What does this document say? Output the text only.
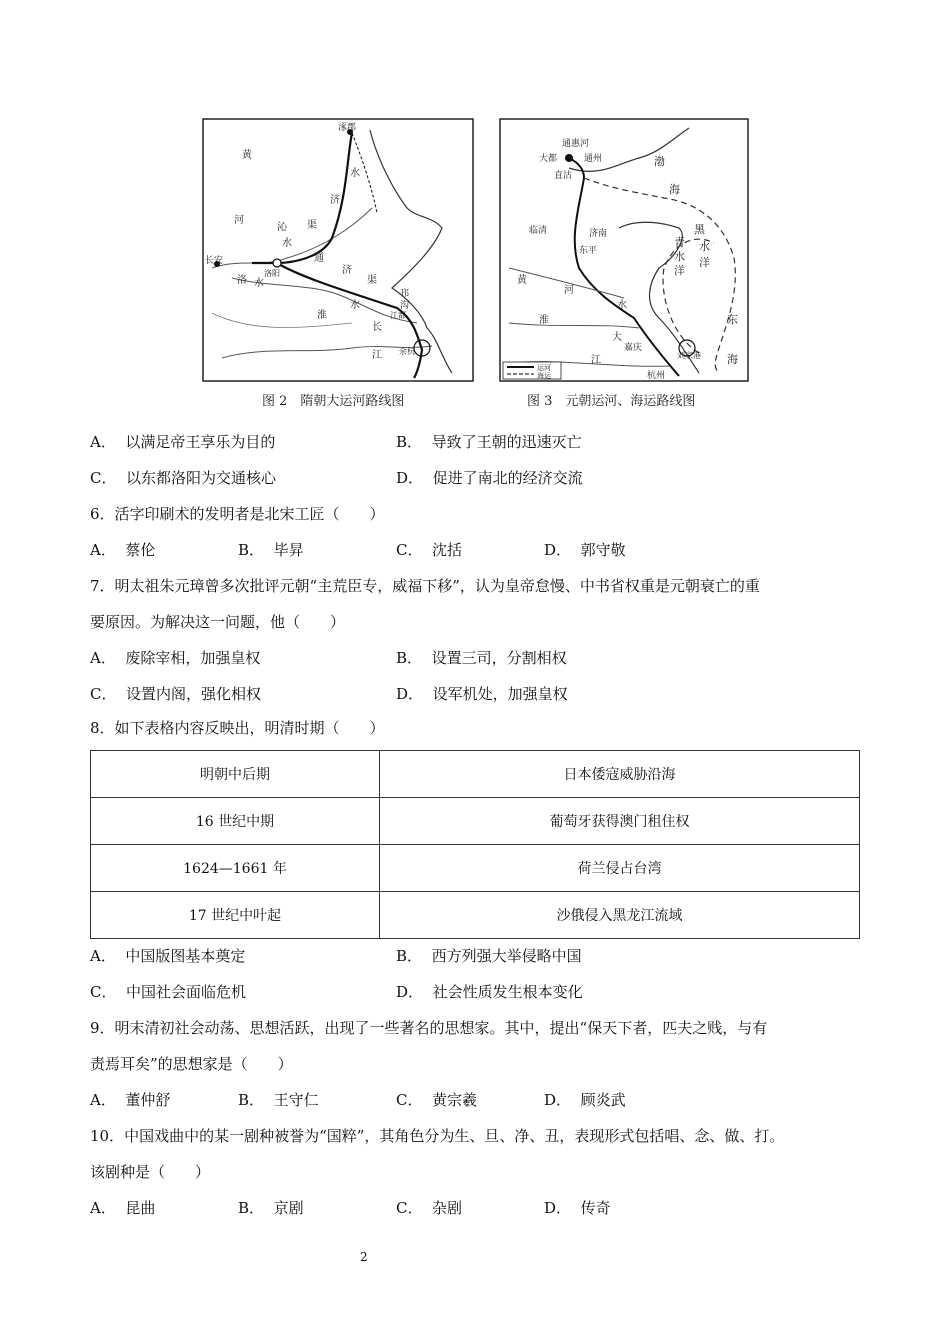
涿郡
水
济
渠
黄
河
沁
水
长安
洛阳
洛 水
通
济
渠
淮
水
邗
沟
江都
长
江 余杭
运河
海运
通惠河
大都	通州
直沽
渤
海
临清	济南
东平
黄
河
淮
水
黑
水
洋
青
水
洋
东
海
江
大
嘉庆
刘家港
杭州
图 2　隋朝大运河路线图	图 3　元朝运河、海运路线图
A． 以满足帝王享乐为目的	B． 导致了王朝的迅速灭亡
C． 以东都洛阳为交通核心	D． 促进了南北的经济交流
6．活字印刷术的发明者是北宋工匠（　　）
A． 蔡伦	B． 毕昇	C． 沈括	D． 郭守敬
7．明太祖朱元璋曾多次批评元朝“主荒臣专，威福下移”，认为皇帝怠慢、中书省权重是元朝衰亡的重
要原因。为解决这一问题，他（　　）
A． 废除宰相，加强皇权	B． 设置三司，分割相权
C． 设置内阁，强化相权	D． 设军机处，加强皇权
8．如下表格内容反映出，明清时期（　　）
明朝中后期	日本倭寇威胁沿海
16 世纪中期	葡萄牙获得澳门租住权
1624—1661 年	荷兰侵占台湾
17 世纪中叶起	沙俄侵入黑龙江流域
A． 中国版图基本奠定	B． 西方列强大举侵略中国
C． 中国社会面临危机	D． 社会性质发生根本变化
9．明末清初社会动荡、思想活跃，出现了一些著名的思想家。其中，提出“保天下者，匹夫之贱，与有
责焉耳矣”的思想家是（　　）
A． 董仲舒	B． 王守仁	C． 黄宗羲	D． 顾炎武
10．中国戏曲中的某一剧种被誉为“国粹”，其角色分为生、旦、净、丑，表现形式包括唱、念、做、打。
该剧种是（　　）
A． 昆曲	B． 京剧	C． 杂剧	D． 传奇
2
